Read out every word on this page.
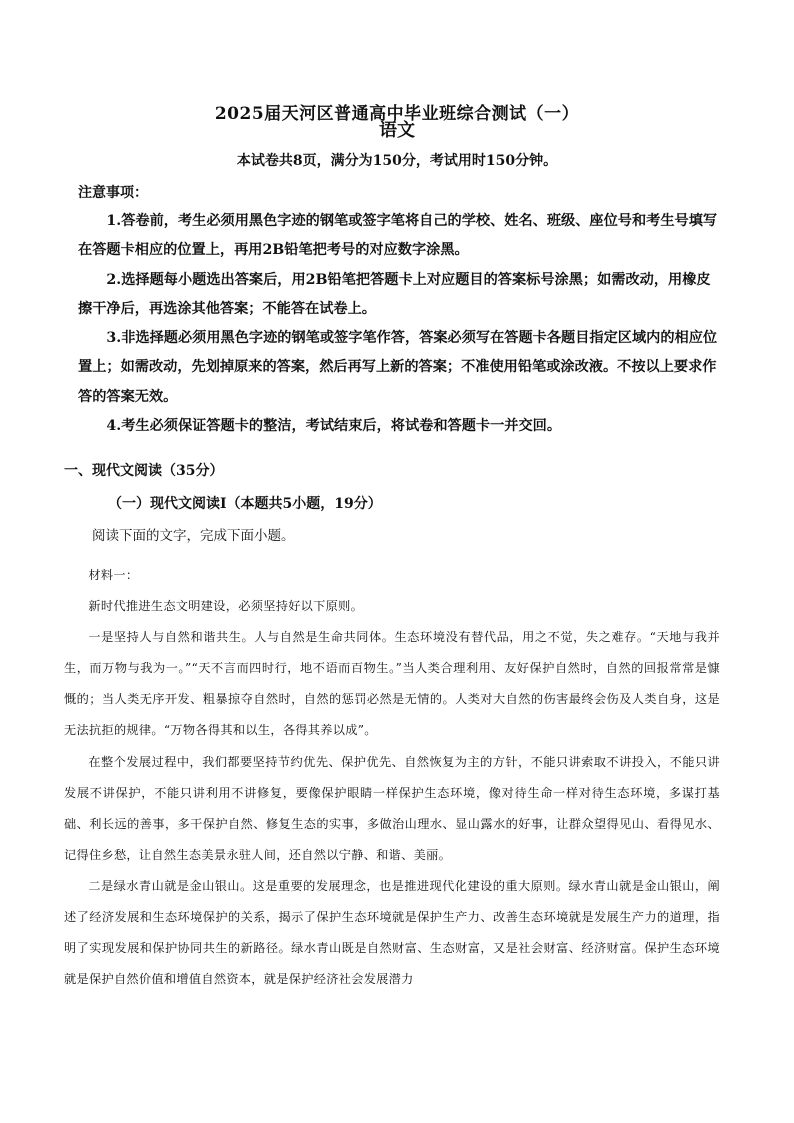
2025届天河区普通高中毕业班综合测试（一）
语文
本试卷共8页，满分为150分，考试用时150分钟。
注意事项：

1.答卷前，考生必须用黑色字迹的钢笔或签字笔将自己的学校、姓名、班级、座位号和考生号填写在答题卡相应的位置上，再用2B铅笔把考号的对应数字涂黑。

2.选择题每小题选出答案后，用2B铅笔把答题卡上对应题目的答案标号涂黑；如需改动，用橡皮擦干净后，再选涂其他答案；不能答在试卷上。

3.非选择题必须用黑色字迹的钢笔或签字笔作答，答案必须写在答题卡各题目指定区域内的相应位置上；如需改动，先划掉原来的答案，然后再写上新的答案；不准使用铅笔或涂改液。不按以上要求作答的答案无效。

4.考生必须保证答题卡的整洁，考试结束后，将试卷和答题卡一并交回。

一、现代文阅读（35分）
（一）现代文阅读Ⅰ（本题共5小题，19分）
阅读下面的文字，完成下面小题。

材料一：

新时代推进生态文明建设，必须坚持好以下原则。

一是坚持人与自然和谐共生。人与自然是生命共同体。生态环境没有替代品，用之不觉，失之难存。“天地与我并生，而万物与我为一。”“天不言而四时行，地不语而百物生。”当人类合理利用、友好保护自然时，自然的回报常常是慷慨的；当人类无序开发、粗暴掠夺自然时，自然的惩罚必然是无情的。人类对大自然的伤害最终会伤及人类自身，这是无法抗拒的规律。“万物各得其和以生，各得其养以成”。

在整个发展过程中，我们都要坚持节约优先、保护优先、自然恢复为主的方针，不能只讲索取不讲投入，不能只讲发展不讲保护，不能只讲利用不讲修复，要像保护眼睛一样保护生态环境，像对待生命一样对待生态环境，多谋打基础、利长远的善事，多干保护自然、修复生态的实事，多做治山理水、显山露水的好事，让群众望得见山、看得见水、记得住乡愁，让自然生态美景永驻人间，还自然以宁静、和谐、美丽。

二是绿水青山就是金山银山。这是重要的发展理念，也是推进现代化建设的重大原则。绿水青山就是金山银山，阐述了经济发展和生态环境保护的关系，揭示了保护生态环境就是保护生产力、改善生态环境就是发展生产力的道理，指明了实现发展和保护协同共生的新路径。绿水青山既是自然财富、生态财富，又是社会财富、经济财富。保护生态环境就是保护自然价值和增值自然资本，就是保护经济社会发展潜力
